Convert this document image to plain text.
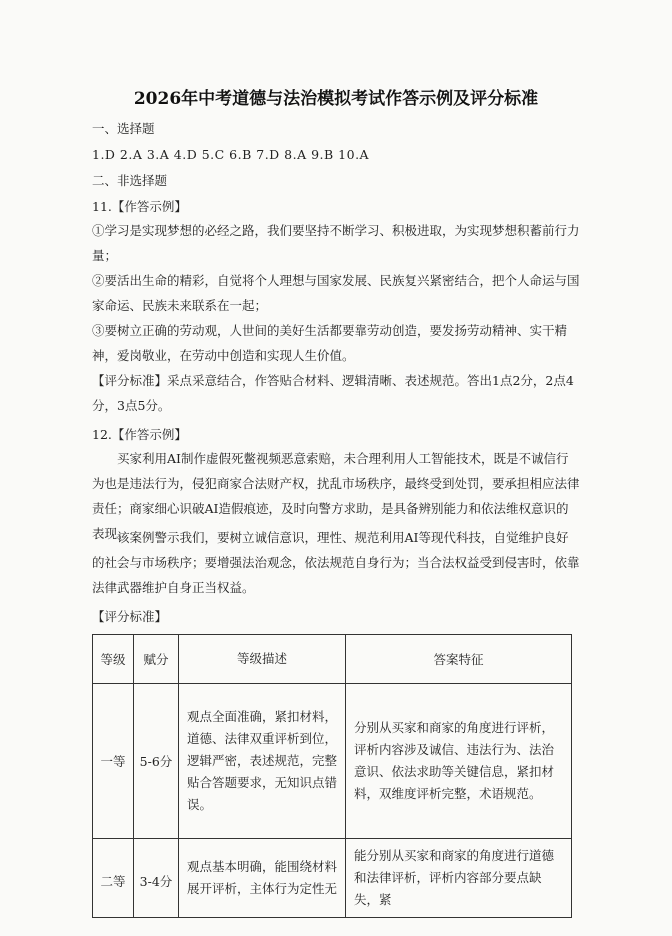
2026年中考道德与法治模拟考试作答示例及评分标准
一、选择题
1.D 2.A 3.A 4.D 5.C 6.B 7.D 8.A 9.B 10.A
二、非选择题
11.【作答示例】
①学习是实现梦想的必经之路，我们要坚持不断学习、积极进取，为实现梦想积蓄前行力量；
②要活出生命的精彩，自觉将个人理想与国家发展、民族复兴紧密结合，把个人命运与国家命运、民族未来联系在一起；
③要树立正确的劳动观，人世间的美好生活都要靠劳动创造，要发扬劳动精神、实干精神，爱岗敬业，在劳动中创造和实现人生价值。
【评分标准】采点采意结合，作答贴合材料、逻辑清晰、表述规范。答出1点2分，2点4分，3点5分。
12.【作答示例】
买家利用AI制作虚假死鳖视频恶意索赔，未合理利用人工智能技术，既是不诚信行为也是违法行为，侵犯商家合法财产权，扰乱市场秩序，最终受到处罚，要承担相应法律责任；商家细心识破AI造假痕迹，及时向警方求助，是具备辨别能力和依法维权意识的表现。
该案例警示我们，要树立诚信意识，理性、规范利用AI等现代科技，自觉维护良好的社会与市场秩序；要增强法治观念，依法规范自身行为；当合法权益受到侵害时，依靠法律武器维护自身正当权益。
【评分标准】
等级	赋分	等级描述	答案特征
一等	5-6分	观点全面准确，紧扣材料，道德、法律双重评析到位，逻辑严密，表述规范，完整贴合答题要求，无知识点错误。	分别从买家和商家的角度进行评析，评析内容涉及诚信、违法行为、法治意识、依法求助等关键信息，紧扣材料，双维度评析完整，术语规范。
二等	3-4分	观点基本明确，能围绕材料展开评析，主体行为定性无	能分别从买家和商家的角度进行道德和法律评析，评析内容部分要点缺失，紧
